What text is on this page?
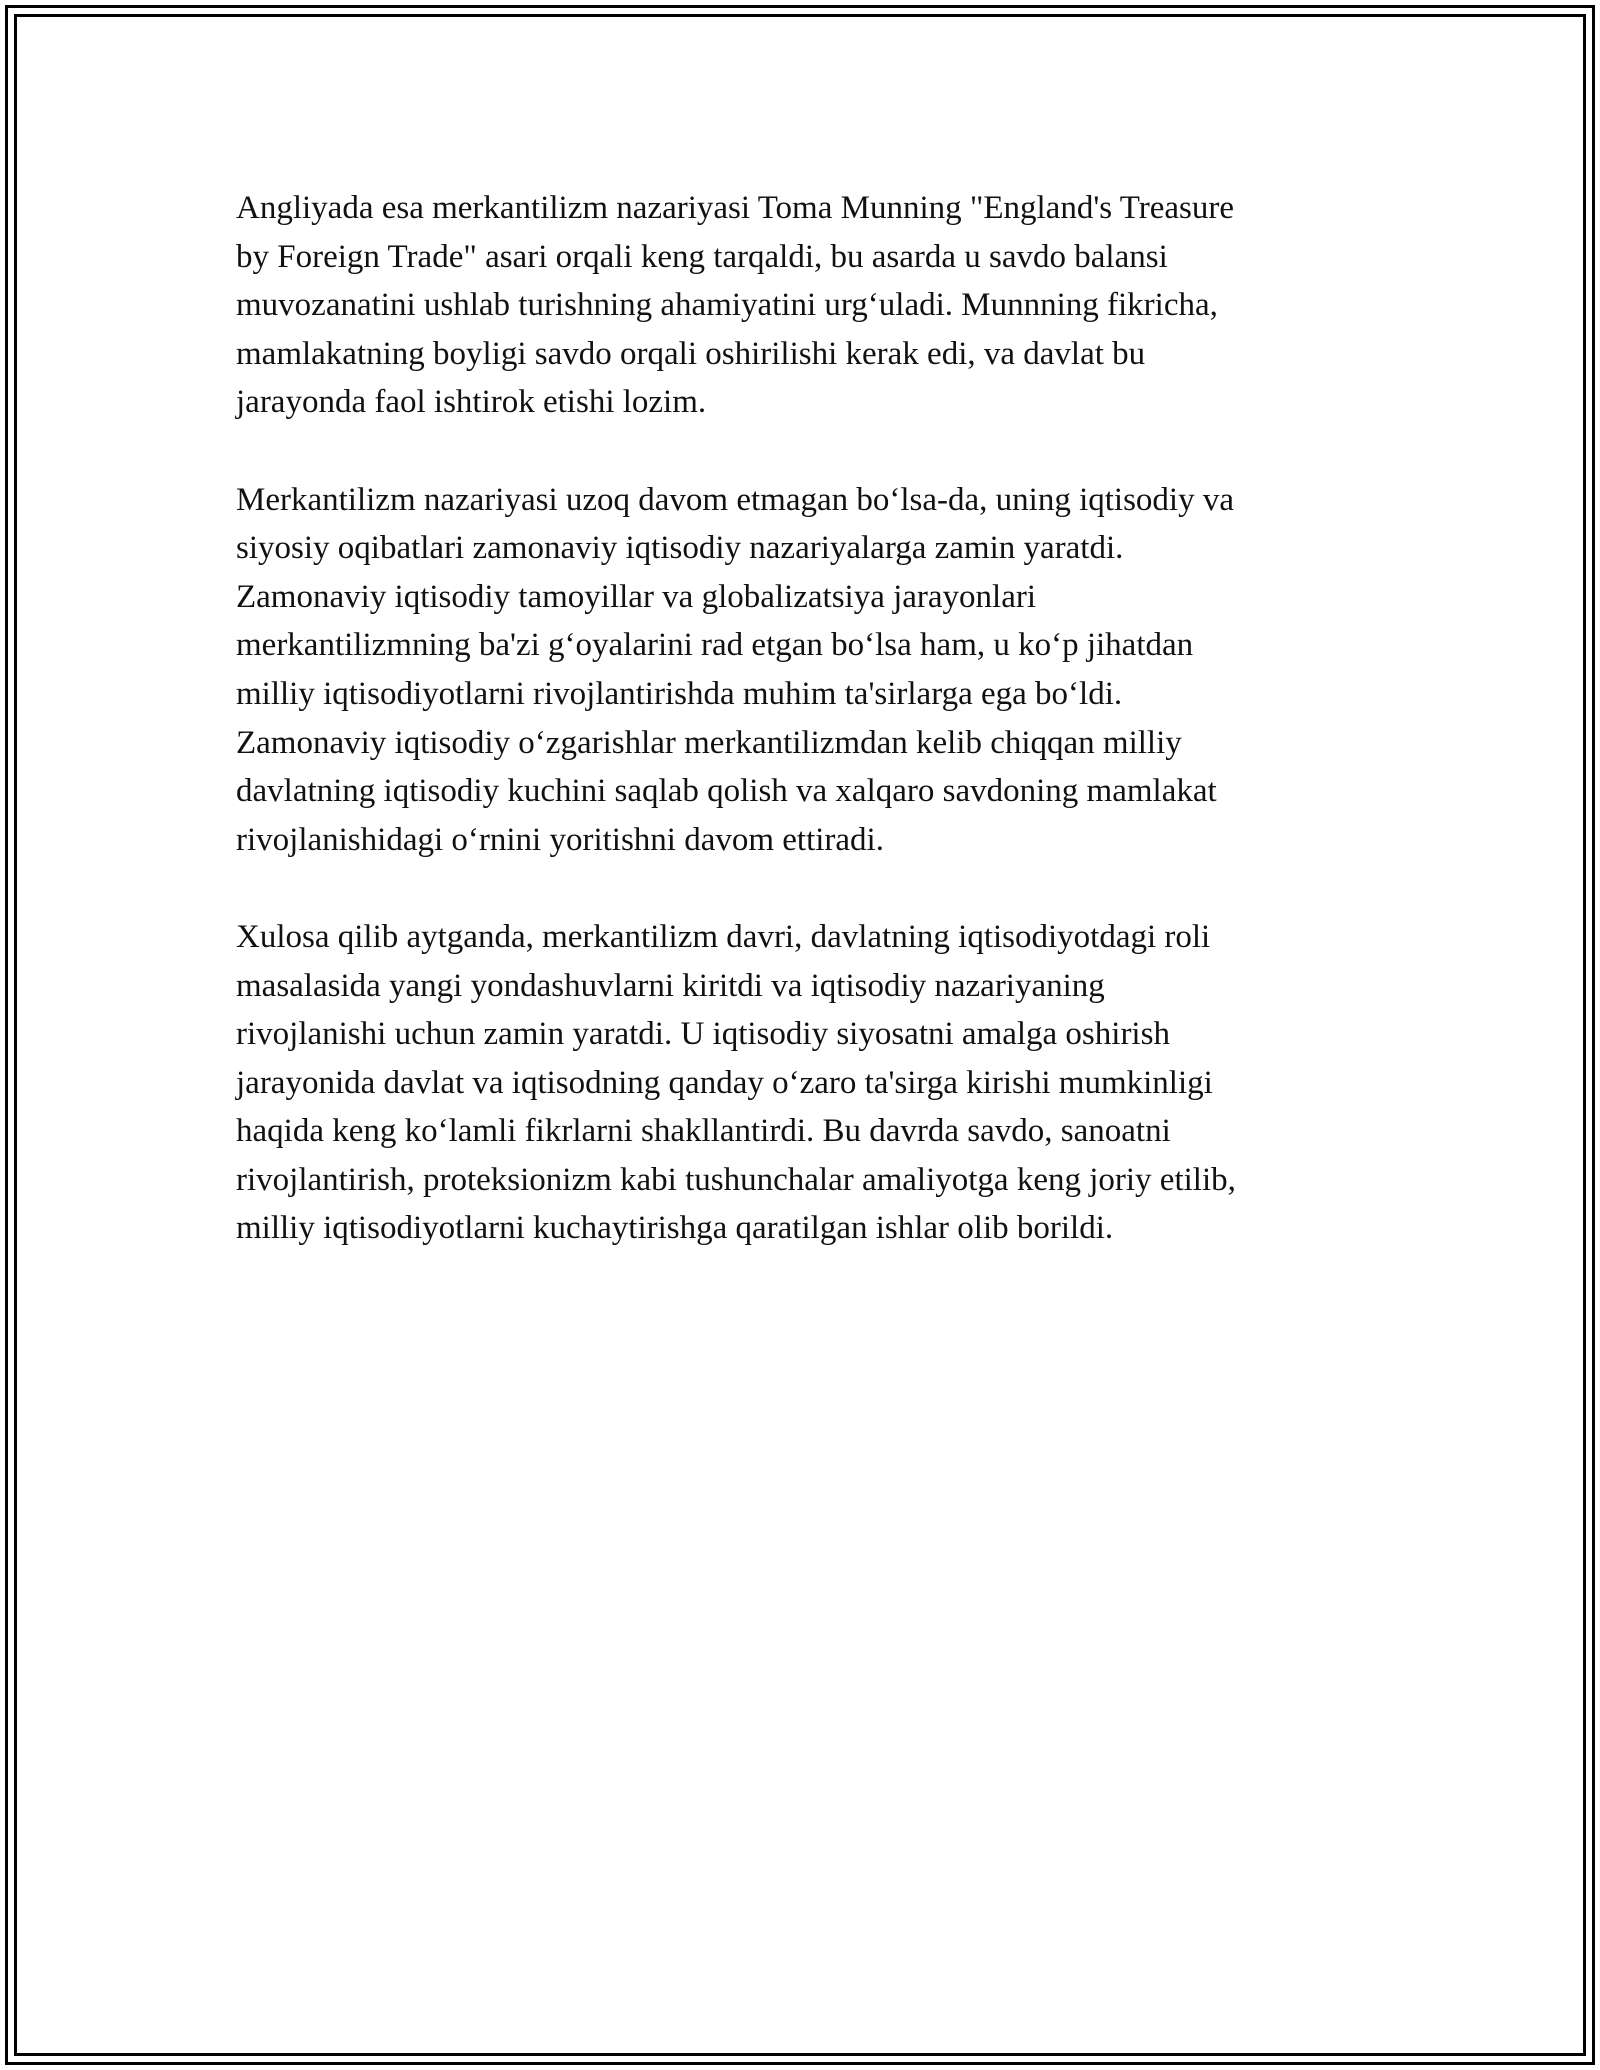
Angliyada esa merkantilizm nazariyasi Toma Munning "England's Treasure
by Foreign Trade" asari orqali keng tarqaldi, bu asarda u savdo balansi
muvozanatini ushlab turishning ahamiyatini urg‘uladi. Munnning fikricha,
mamlakatning boyligi savdo orqali oshirilishi kerak edi, va davlat bu
jarayonda faol ishtirok etishi lozim.

Merkantilizm nazariyasi uzoq davom etmagan bo‘lsa-da, uning iqtisodiy va
siyosiy oqibatlari zamonaviy iqtisodiy nazariyalarga zamin yaratdi.
Zamonaviy iqtisodiy tamoyillar va globalizatsiya jarayonlari
merkantilizmning ba'zi g‘oyalarini rad etgan bo‘lsa ham, u ko‘p jihatdan
milliy iqtisodiyotlarni rivojlantirishda muhim ta'sirlarga ega bo‘ldi.
Zamonaviy iqtisodiy o‘zgarishlar merkantilizmdan kelib chiqqan milliy
davlatning iqtisodiy kuchini saqlab qolish va xalqaro savdoning mamlakat
rivojlanishidagi o‘rnini yoritishni davom ettiradi.

Xulosa qilib aytganda, merkantilizm davri, davlatning iqtisodiyotdagi roli
masalasida yangi yondashuvlarni kiritdi va iqtisodiy nazariyaning
rivojlanishi uchun zamin yaratdi. U iqtisodiy siyosatni amalga oshirish
jarayonida davlat va iqtisodning qanday o‘zaro ta'sirga kirishi mumkinligi
haqida keng ko‘lamli fikrlarni shakllantirdi. Bu davrda savdo, sanoatni
rivojlantirish, proteksionizm kabi tushunchalar amaliyotga keng joriy etilib,
milliy iqtisodiyotlarni kuchaytirishga qaratilgan ishlar olib borildi.
